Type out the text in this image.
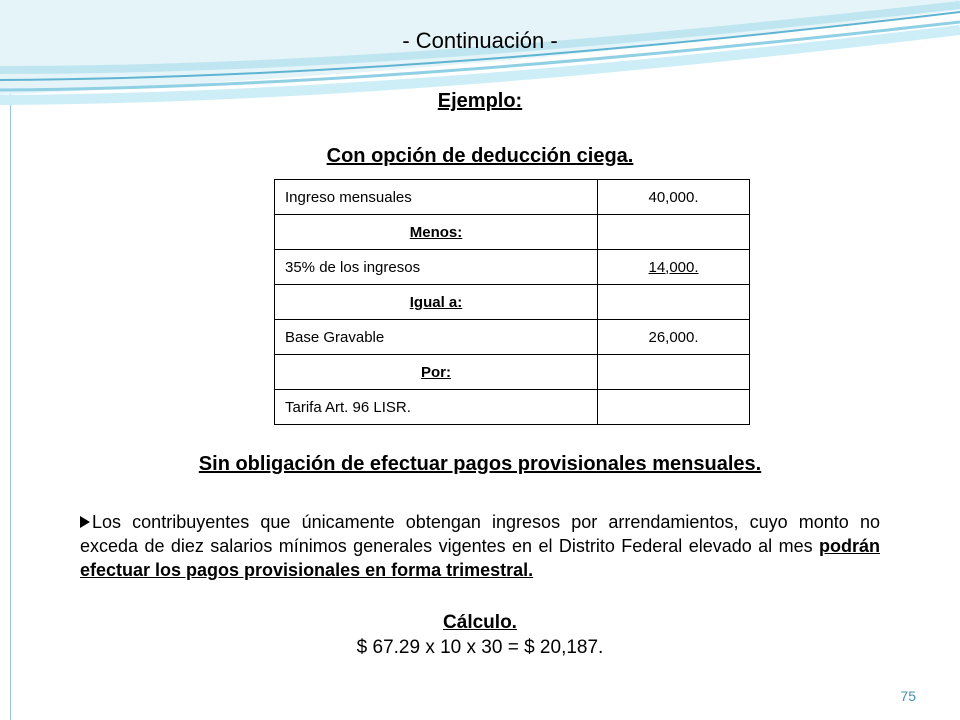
- Continuación -
Ejemplo:
Con opción de deducción ciega.
Ingreso mensuales	40,000.
Menos:	
35% de los ingresos	14,000.
Igual a:	
Base Gravable	26,000.
Por:	
Tarifa Art. 96 LISR.	
Sin obligación de efectuar pagos provisionales mensuales.
Los contribuyentes que únicamente obtengan ingresos por arrendamientos, cuyo monto no exceda de diez salarios mínimos generales vigentes en el Distrito Federal elevado al mes podrán efectuar los pagos provisionales en forma trimestral.
Cálculo.
$ 67.29 x 10 x 30 = $ 20,187.
75
